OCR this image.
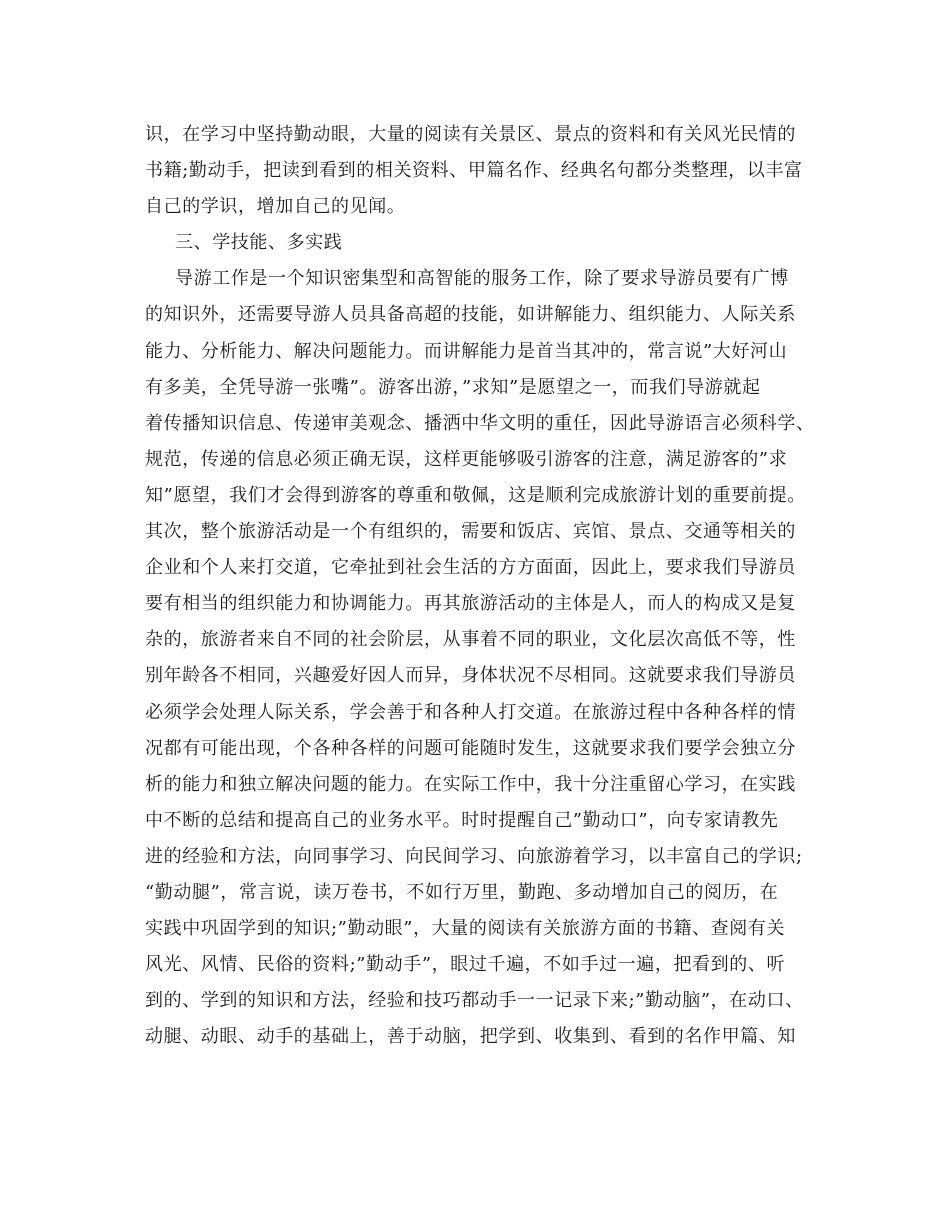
识，在学习中坚持勤动眼，大量的阅读有关景区、景点的资料和有关风光民情的
书籍;勤动手，把读到看到的相关资料、甲篇名作、经典名句都分类整理，以丰富
自己的学识，增加自己的见闻。
三、学技能、多实践
导游工作是一个知识密集型和高智能的服务工作，除了要求导游员要有广博
的知识外，还需要导游人员具备高超的技能，如讲解能力、组织能力、人际关系
能力、分析能力、解决问题能力。而讲解能力是首当其冲的，常言说”大好河山
有多美，全凭导游一张嘴”。游客出游，”求知”是愿望之一，而我们导游就起
着传播知识信息、传递审美观念、播洒中华文明的重任，因此导游语言必须科学、
规范，传递的信息必须正确无误，这样更能够吸引游客的注意，满足游客的”求
知”愿望，我们才会得到游客的尊重和敬佩，这是顺利完成旅游计划的重要前提。
其次，整个旅游活动是一个有组织的，需要和饭店、宾馆、景点、交通等相关的
企业和个人来打交道，它牵扯到社会生活的方方面面，因此上，要求我们导游员
要有相当的组织能力和协调能力。再其旅游活动的主体是人，而人的构成又是复
杂的，旅游者来自不同的社会阶层，从事着不同的职业，文化层次高低不等，性
别年龄各不相同，兴趣爱好因人而异，身体状况不尽相同。这就要求我们导游员
必须学会处理人际关系，学会善于和各种人打交道。在旅游过程中各种各样的情
况都有可能出现，个各种各样的问题可能随时发生，这就要求我们要学会独立分
析的能力和独立解决问题的能力。在实际工作中，我十分注重留心学习，在实践
中不断的总结和提高自己的业务水平。时时提醒自己”勤动口”，向专家请教先
进的经验和方法，向同事学习、向民间学习、向旅游着学习，以丰富自己的学识;
“勤动腿”，常言说，读万卷书，不如行万里，勤跑、多动增加自己的阅历，在
实践中巩固学到的知识;”勤动眼”，大量的阅读有关旅游方面的书籍、查阅有关
风光、风情、民俗的资料;”勤动手”，眼过千遍，不如手过一遍，把看到的、听
到的、学到的知识和方法，经验和技巧都动手一一记录下来;”勤动脑”，在动口、
动腿、动眼、动手的基础上，善于动脑，把学到、收集到、看到的名作甲篇、知
